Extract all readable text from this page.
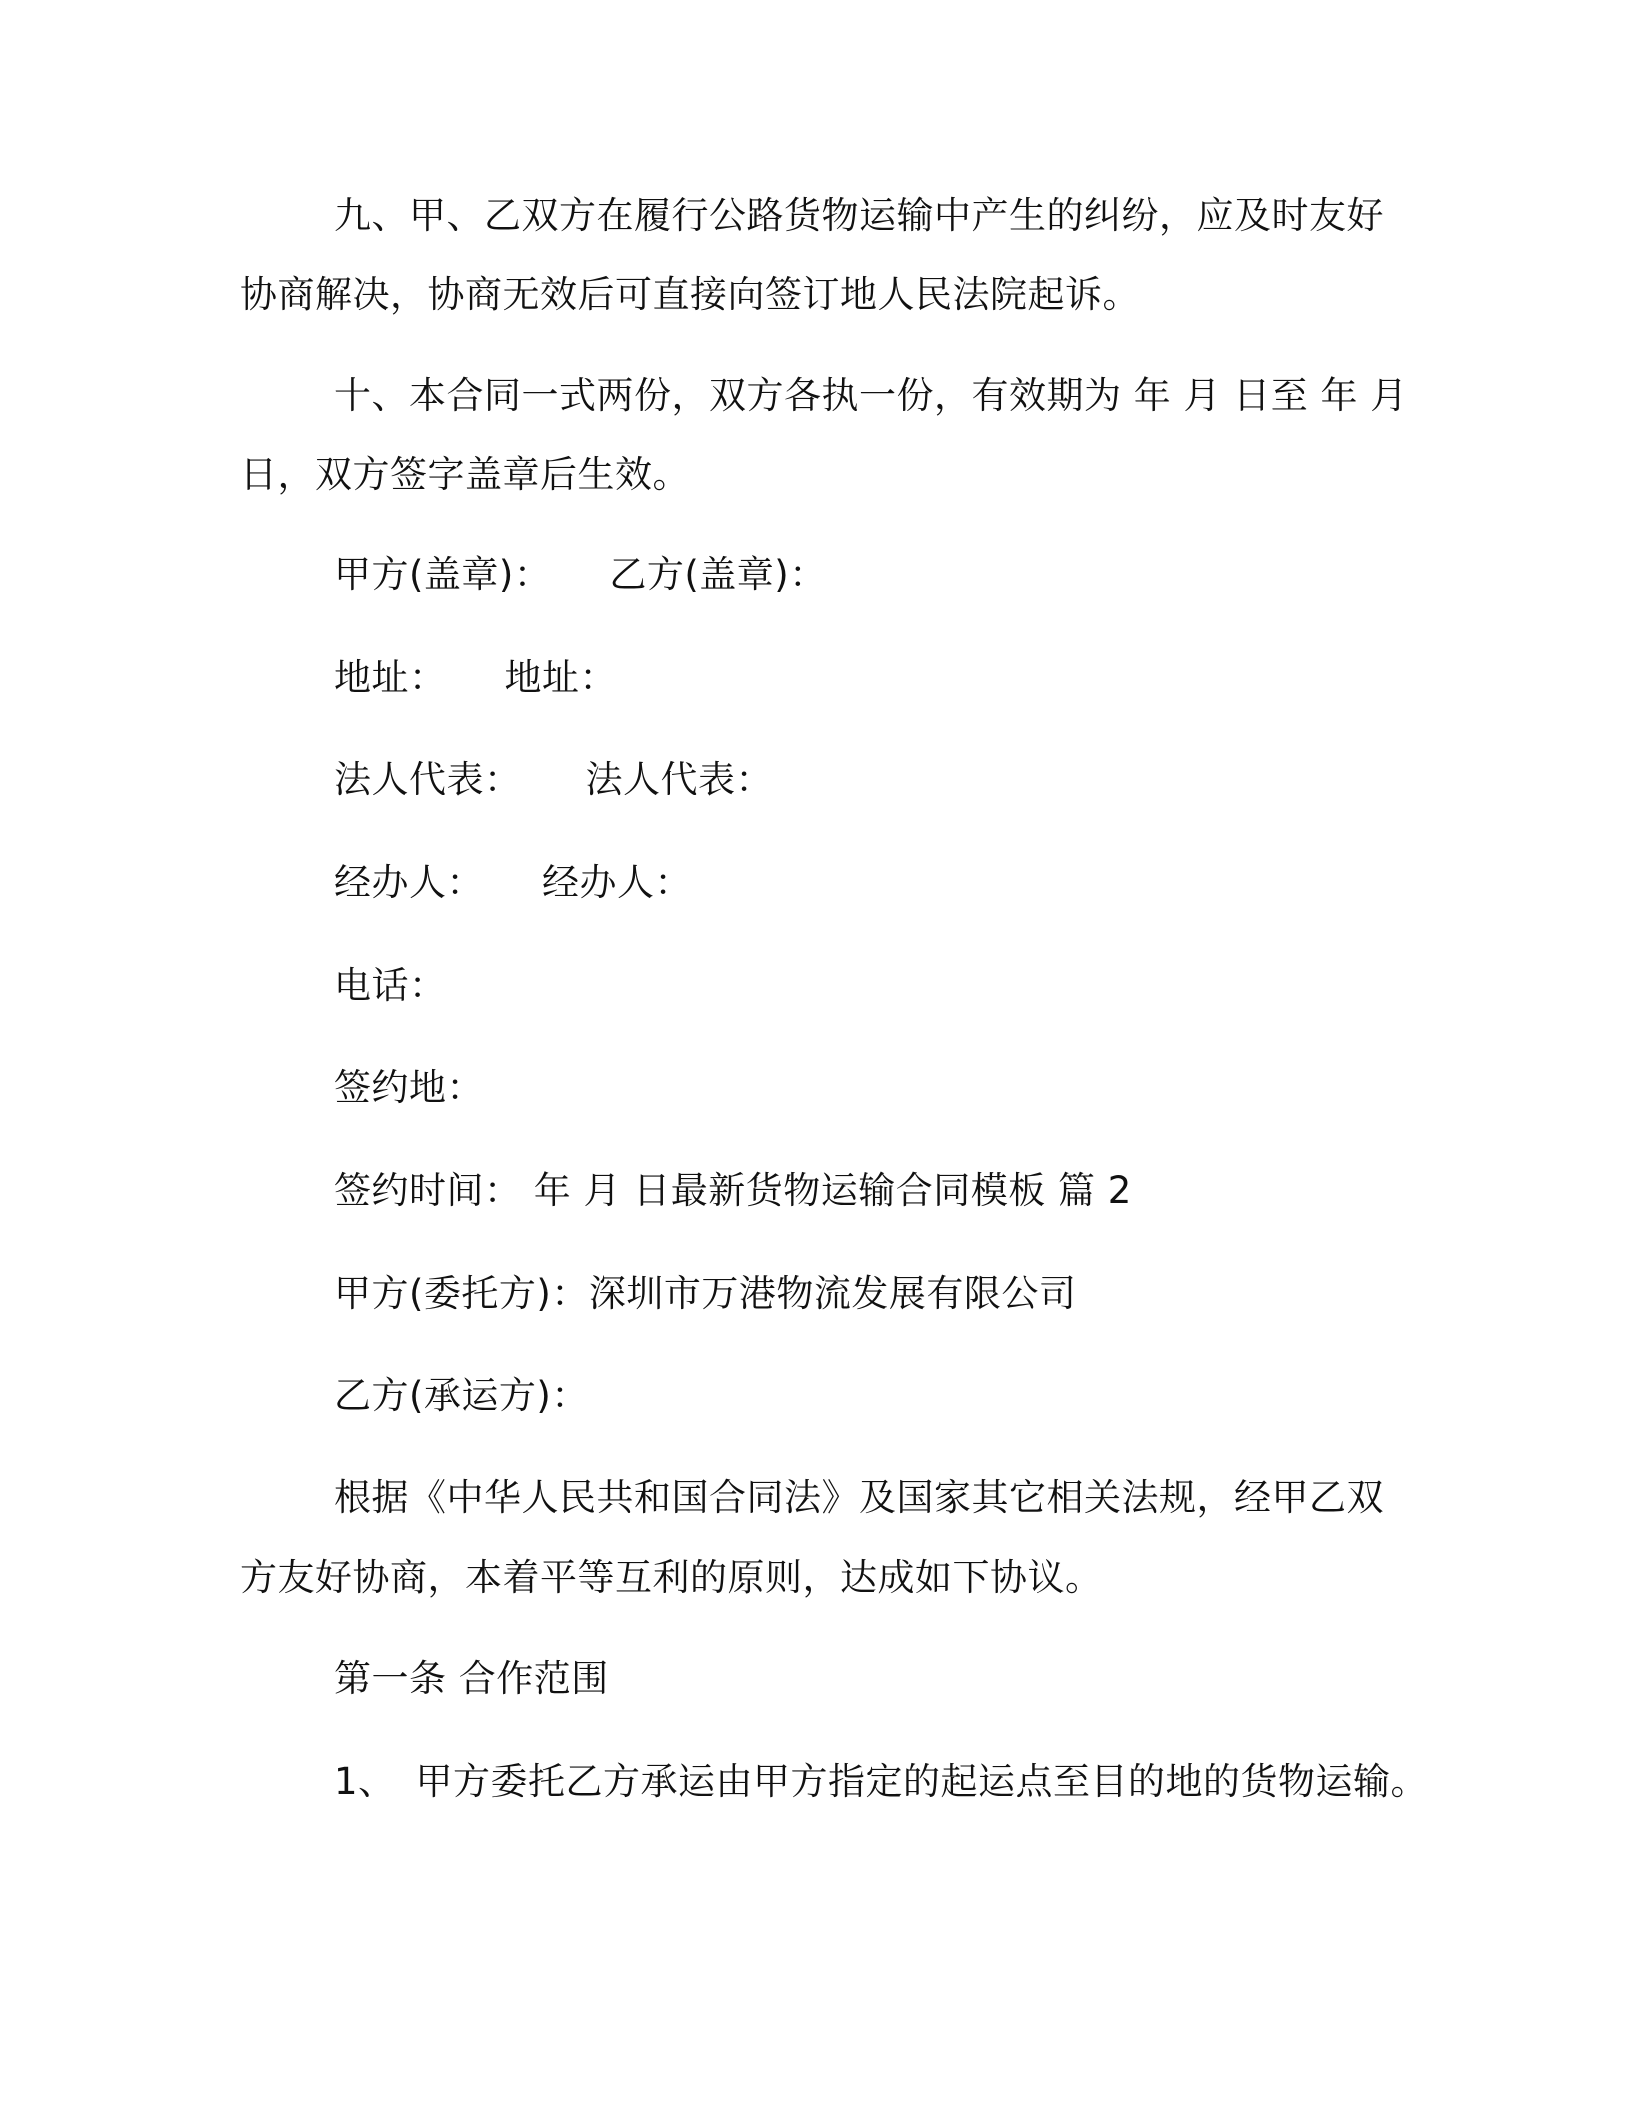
九、甲、乙双方在履行公路货物运输中产生的纠纷，应及时友好
协商解决，协商无效后可直接向签订地人民法院起诉。
十、本合同一式两份，双方各执一份，有效期为 年 月 日至 年 月
日，双方签字盖章后生效。
甲方(盖章)： 乙方(盖章)：
地址： 地址：
法人代表： 法人代表：
经办人： 经办人：
电话：
签约地：
签约时间： 年 月 日最新货物运输合同模板 篇 2
甲方(委托方)：深圳市万港物流发展有限公司
乙方(承运方)：
根据《中华人民共和国合同法》及国家其它相关法规，经甲乙双
方友好协商，本着平等互利的原则，达成如下协议。
第一条 合作范围
1、 甲方委托乙方承运由甲方指定的起运点至目的地的货物运输。
